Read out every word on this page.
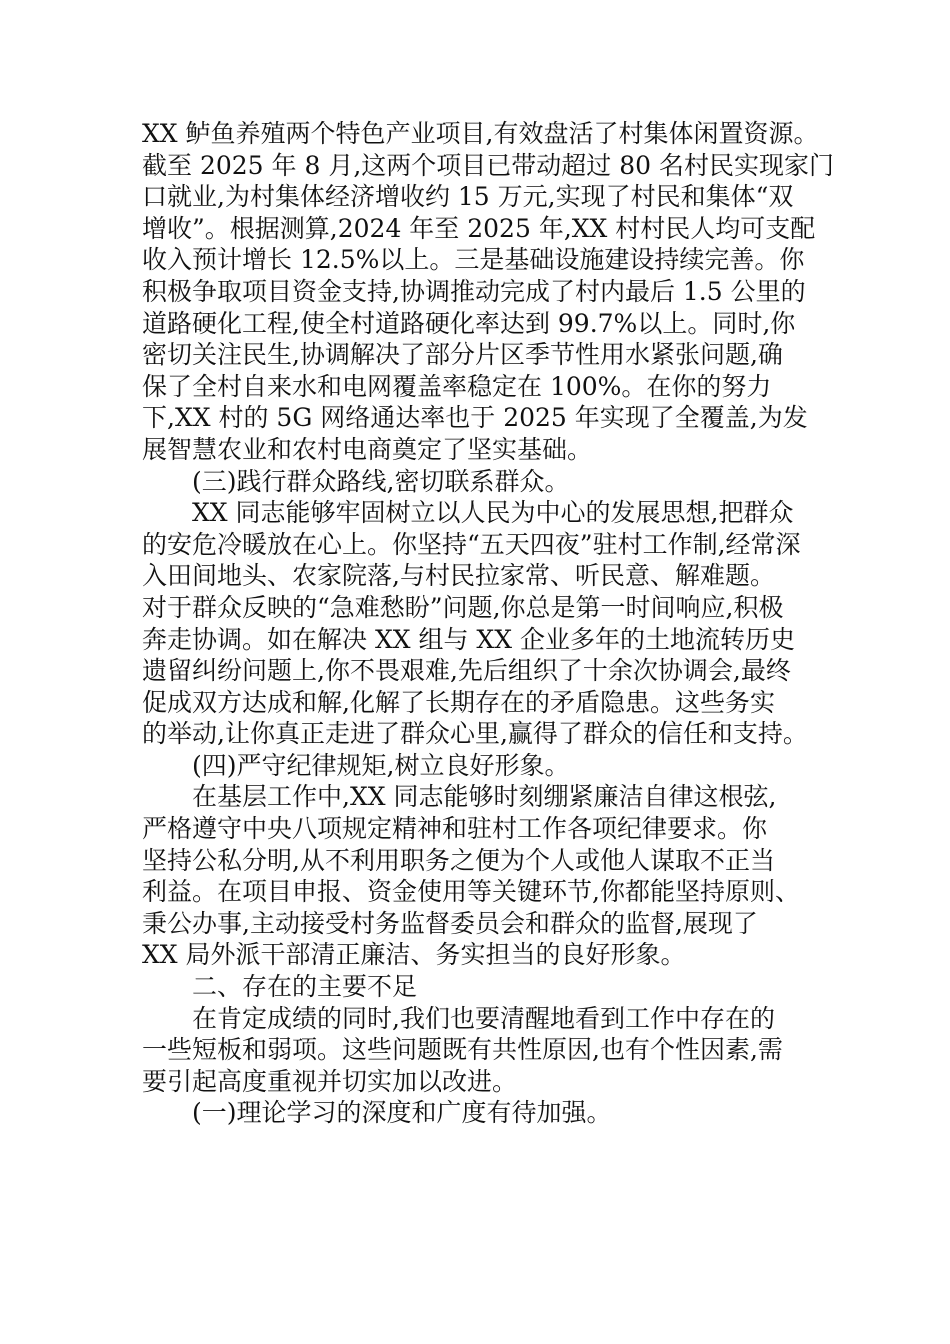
XX 鲈鱼养殖两个特色产业项目,有效盘活了村集体闲置资源。
截至 2025 年 8 月,这两个项目已带动超过 80 名村民实现家门
口就业,为村集体经济增收约 15 万元,实现了村民和集体“双
增收”。根据测算,2024 年至 2025 年,XX 村村民人均可支配
收入预计增长 12.5%以上。三是基础设施建设持续完善。你
积极争取项目资金支持,协调推动完成了村内最后 1.5 公里的
道路硬化工程,使全村道路硬化率达到 99.7%以上。同时,你
密切关注民生,协调解决了部分片区季节性用水紧张问题,确
保了全村自来水和电网覆盖率稳定在 100%。在你的努力
下,XX 村的 5G 网络通达率也于 2025 年实现了全覆盖,为发
展智慧农业和农村电商奠定了坚实基础。
(三)践行群众路线,密切联系群众。
XX 同志能够牢固树立以人民为中心的发展思想,把群众
的安危冷暖放在心上。你坚持“五天四夜”驻村工作制,经常深
入田间地头、农家院落,与村民拉家常、听民意、解难题。
对于群众反映的“急难愁盼”问题,你总是第一时间响应,积极
奔走协调。如在解决 XX 组与 XX 企业多年的土地流转历史
遗留纠纷问题上,你不畏艰难,先后组织了十余次协调会,最终
促成双方达成和解,化解了长期存在的矛盾隐患。这些务实
的举动,让你真正走进了群众心里,赢得了群众的信任和支持。
(四)严守纪律规矩,树立良好形象。
在基层工作中,XX 同志能够时刻绷紧廉洁自律这根弦,
严格遵守中央八项规定精神和驻村工作各项纪律要求。你
坚持公私分明,从不利用职务之便为个人或他人谋取不正当
利益。在项目申报、资金使用等关键环节,你都能坚持原则、
秉公办事,主动接受村务监督委员会和群众的监督,展现了
XX 局外派干部清正廉洁、务实担当的良好形象。
二、存在的主要不足
在肯定成绩的同时,我们也要清醒地看到工作中存在的
一些短板和弱项。这些问题既有共性原因,也有个性因素,需
要引起高度重视并切实加以改进。
(一)理论学习的深度和广度有待加强。
